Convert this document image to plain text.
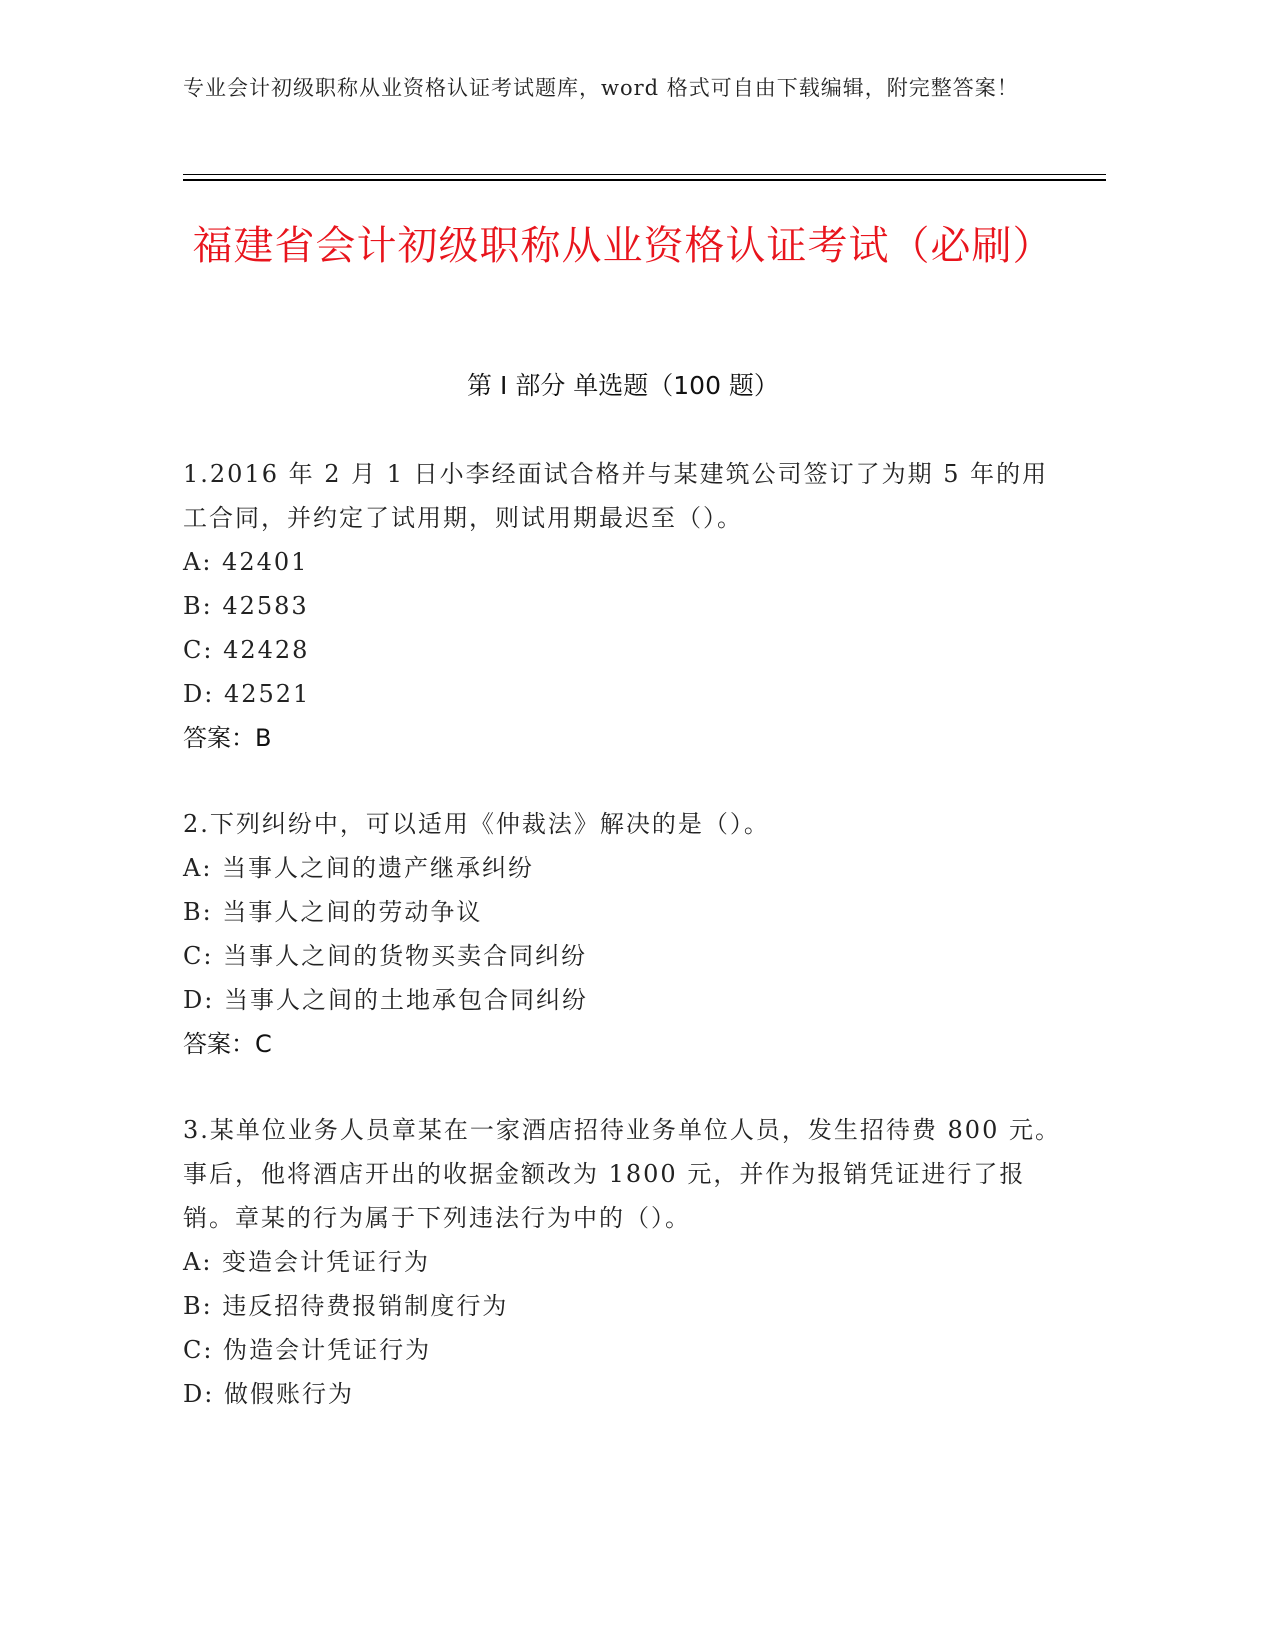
专业会计初级职称从业资格认证考试题库，word 格式可自由下载编辑，附完整答案！
福建省会计初级职称从业资格认证考试（必刷）
第 I 部分 单选题（100 题）
1.2016 年 2 月 1 日小李经面试合格并与某建筑公司签订了为期 5 年的用工合同，并约定了试用期，则试用期最迟至（）。
A: 42401
B: 42583
C: 42428
D: 42521
答案：B
2.下列纠纷中，可以适用《仲裁法》解决的是（）。
A: 当事人之间的遗产继承纠纷
B: 当事人之间的劳动争议
C: 当事人之间的货物买卖合同纠纷
D: 当事人之间的土地承包合同纠纷
答案：C
3.某单位业务人员章某在一家酒店招待业务单位人员，发生招待费 800 元。事后，他将酒店开出的收据金额改为 1800 元，并作为报销凭证进行了报销。章某的行为属于下列违法行为中的（）。
A: 变造会计凭证行为
B: 违反招待费报销制度行为
C: 伪造会计凭证行为
D: 做假账行为
